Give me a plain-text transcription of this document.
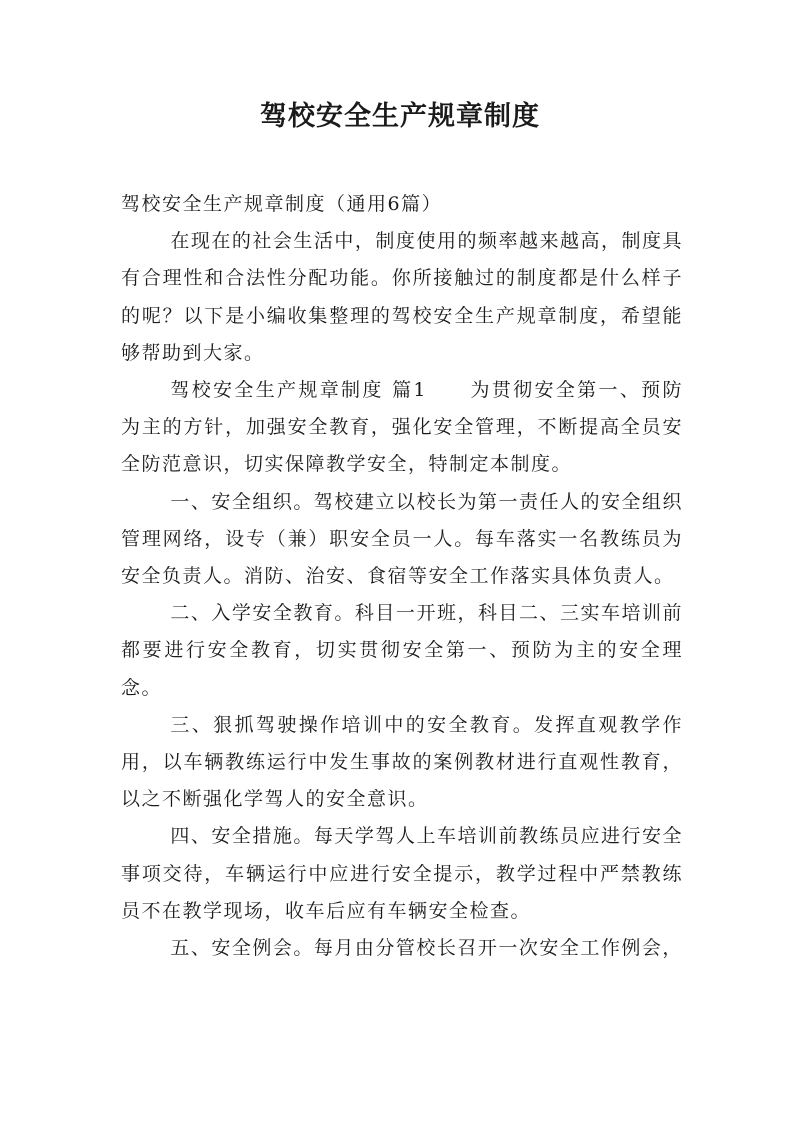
驾校安全生产规章制度

驾校安全生产规章制度（通用6篇）

在现在的社会生活中，制度使用的频率越来越高，制度具有合理性和合法性分配功能。你所接触过的制度都是什么样子的呢？以下是小编收集整理的驾校安全生产规章制度，希望能够帮助到大家。

驾校安全生产规章制度 篇1　　为贯彻安全第一、预防为主的方针，加强安全教育，强化安全管理，不断提高全员安全防范意识，切实保障教学安全，特制定本制度。

一、安全组织。驾校建立以校长为第一责任人的安全组织管理网络，设专（兼）职安全员一人。每车落实一名教练员为安全负责人。消防、治安、食宿等安全工作落实具体负责人。

二、入学安全教育。科目一开班，科目二、三实车培训前都要进行安全教育，切实贯彻安全第一、预防为主的安全理念。

三、狠抓驾驶操作培训中的安全教育。发挥直观教学作用，以车辆教练运行中发生事故的案例教材进行直观性教育，以之不断强化学驾人的安全意识。

四、安全措施。每天学驾人上车培训前教练员应进行安全事项交待，车辆运行中应进行安全提示，教学过程中严禁教练员不在教学现场，收车后应有车辆安全检查。

五、安全例会。每月由分管校长召开一次安全工作例会，
